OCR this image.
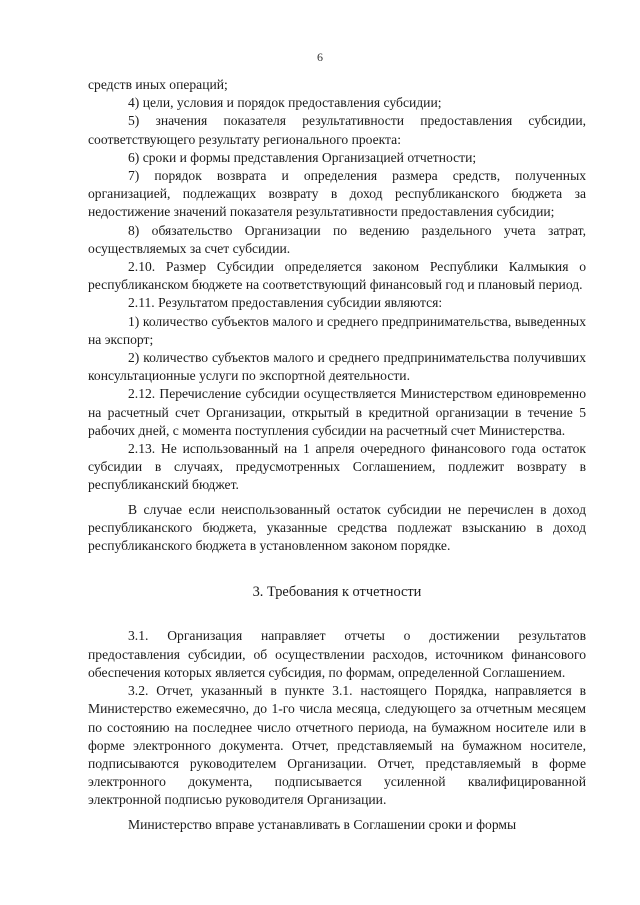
6

средств иных операций;

4) цели, условия и порядок предоставления субсидии;

5) значения показателя результативности предоставления субсидии, соответствующего результату регионального проекта:

6) сроки и формы представления Организацией отчетности;

7) порядок возврата и определения размера средств, полученных организацией, подлежащих возврату в доход республиканского бюджета за недостижение значений показателя результативности предоставления субсидии;

8) обязательство Организации по ведению раздельного учета затрат, осуществляемых за счет субсидии.

2.10. Размер Субсидии определяется законом Республики Калмыкия о республиканском бюджете на соответствующий финансовый год и плановый период.

2.11. Результатом предоставления субсидии являются:

1) количество субъектов малого и среднего предпринимательства, выведенных на экспорт;

2) количество субъектов малого и среднего предпринимательства получивших консультационные услуги по экспортной деятельности.

2.12. Перечисление субсидии осуществляется Министерством единовременно на расчетный счет Организации, открытый в кредитной организации в течение 5 рабочих дней, с момента поступления субсидии на расчетный счет Министерства.

2.13. Не использованный на 1 апреля очередного финансового года остаток субсидии в случаях, предусмотренных Соглашением, подлежит возврату в республиканский бюджет.

В случае если неиспользованный остаток субсидии не перечислен в доход республиканского бюджета, указанные средства подлежат взысканию в доход республиканского бюджета в установленном законом порядке.

3. Требования к отчетности

3.1. Организация направляет отчеты о достижении результатов предоставления субсидии, об осуществлении расходов, источником финансового обеспечения которых является субсидия, по формам, определенной Соглашением.

3.2. Отчет, указанный в пункте 3.1. настоящего Порядка, направляется в Министерство ежемесячно, до 1-го числа месяца, следующего за отчетным месяцем по состоянию на последнее число отчетного периода, на бумажном носителе или в форме электронного документа. Отчет, представляемый на бумажном носителе, подписываются руководителем Организации. Отчет, представляемый в форме электронного документа, подписывается усиленной квалифицированной электронной подписью руководителя Организации.

Министерство вправе устанавливать в Соглашении сроки и формы
